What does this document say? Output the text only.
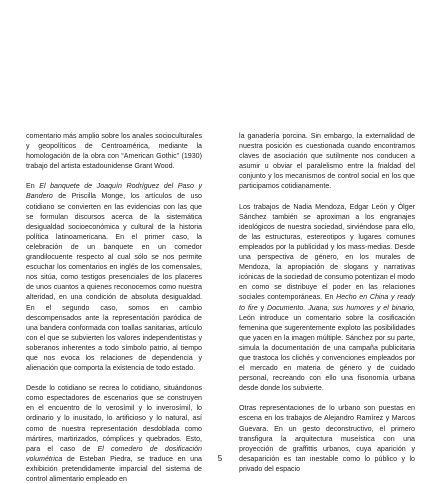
comentario más amplio sobre los anales socioculturales y geopolíticos de Centroamérica, mediante la homologación de la obra con “American Gothic” (1930) trabajo del artista estadounidense Grant Wood.

En El banquete de Joaquín Rodríguez del Paso y Bandero de Priscilla Monge, los artículos de uso cotidiano se convierten en las evidencias con las que se formulan discursos acerca de la sistemática desigualdad socioeconómica y cultural de la historia política latinoamericana. En el primer caso, la celebración de un banquete en un comedor grandilocuente respecto al cual sólo se nos permite escuchar los comentarios en inglés de los comensales, nos sitúa, como testigos presenciales de los placeres de unos cuantos a quienes reconocemos como nuestra alteridad, en una condición de absoluta desigualdad. En el segundo caso, somos en cambio descompensados ante la representación paródica de una bandera conformada con toallas sanitarias, artículo con el que se subvierten los valores independentistas y soberanos inherentes a todo símbolo patrio, al tiempo que nos evoca los relaciones de dependencia y alienación que comporta la existencia de todo estado.

Desde lo cotidiano se recrea lo cotidiano, situándonos como espectadores de escenarios que se construyen en el encuentro de lo verosímil y lo inverosímil, lo ordinario y lo inusitado, lo artificioso y lo natural, así como de nuestra representación desdoblada como mártires, martirizados, cómplices y quebrados. Esto, para el caso de El comedero de dosificación volumétrica de Esteban Piedra, se traduce en una exhibición pretendidamente imparcial del sistema de control alimentario empleado en

la ganadería porcina. Sin embargo, la externalidad de nuestra posición es cuestionada cuando encontramos claves de asociación que sutilmente nos conducen a asumir u obviar el paralelismo entre la frialdad del conjunto y los mecanismos de control social en los que participamos cotidianamente.

Los trabajos de Nadia Mendoza, Edgar León y Ólger Sánchez también se aproximan a los engranajes ideológicos de nuestra sociedad, sirviéndose para ello, de las estructuras, estereotipos y lugares comunes empleados por la publicidad y los mass-medias. Desde una perspectiva de género, en los murales de Mendoza, la apropiación de slogans y narrativas icónicas de la sociedad de consumo potentizan el modo en como se distribuye el poder en las relaciones sociales contemporáneas. En Hecho en China y ready to fire y Documento. Juana, sus humores y el binario, León introduce un comentario sobre la cosificación femenina que sugerentemente exploto las posibilidades que yacen en la imagen múltiple. Sánchez por su parte, simula la documentación de una campaña publicitaria que trastoca los clichés y convenciones empleados por el mercado en materia de género y de cuidado personal, recreando con ello una fisonomía urbana desde donde los subvierte.

Otras representaciones de lo urbano son puestas en escena en los trabajos de Alejandro Ramírez y Marcos Guevara. En un gesto deconstructivo, el primero transfigura la arquitectura museística con una proyección de graffittis urbanos, cuya aparición y desaparición es tan inestable como lo público y lo privado del espacio

5
